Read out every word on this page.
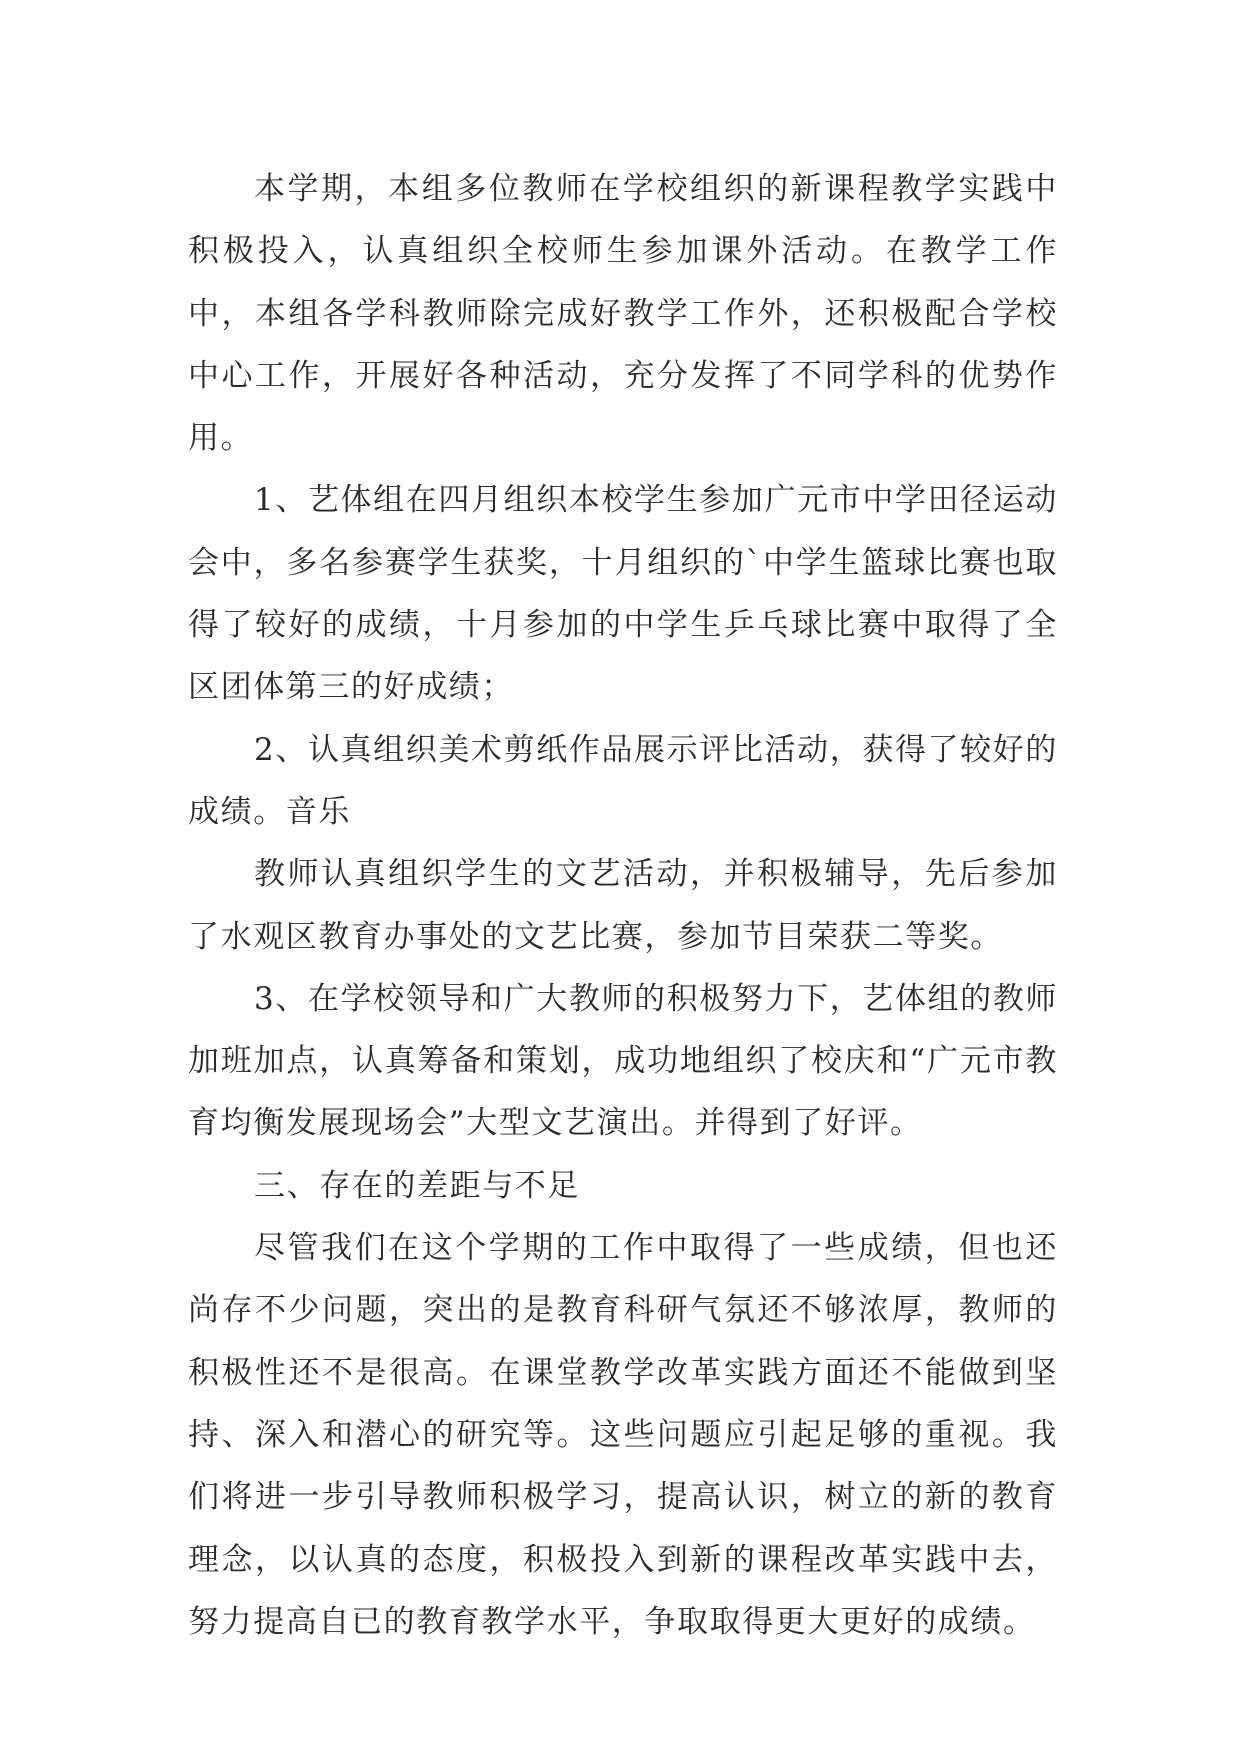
本学期，本组多位教师在学校组织的新课程教学实践中积极投入，认真组织全校师生参加课外活动。在教学工作中，本组各学科教师除完成好教学工作外，还积极配合学校中心工作，开展好各种活动，充分发挥了不同学科的优势作用。

1、艺体组在四月组织本校学生参加广元市中学田径运动会中，多名参赛学生获奖，十月组织的`中学生篮球比赛也取得了较好的成绩，十月参加的中学生乒乓球比赛中取得了全区团体第三的好成绩；

2、认真组织美术剪纸作品展示评比活动，获得了较好的成绩。音乐

教师认真组织学生的文艺活动，并积极辅导，先后参加了水观区教育办事处的文艺比赛，参加节目荣获二等奖。

3、在学校领导和广大教师的积极努力下，艺体组的教师加班加点，认真筹备和策划，成功地组织了校庆和“广元市教育均衡发展现场会”大型文艺演出。并得到了好评。

三、存在的差距与不足

尽管我们在这个学期的工作中取得了一些成绩，但也还尚存不少问题，突出的是教育科研气氛还不够浓厚，教师的积极性还不是很高。在课堂教学改革实践方面还不能做到坚持、深入和潜心的研究等。这些问题应引起足够的重视。我们将进一步引导教师积极学习，提高认识，树立的新的教育理念，以认真的态度，积极投入到新的课程改革实践中去，努力提高自已的教育教学水平，争取取得更大更好的成绩。
